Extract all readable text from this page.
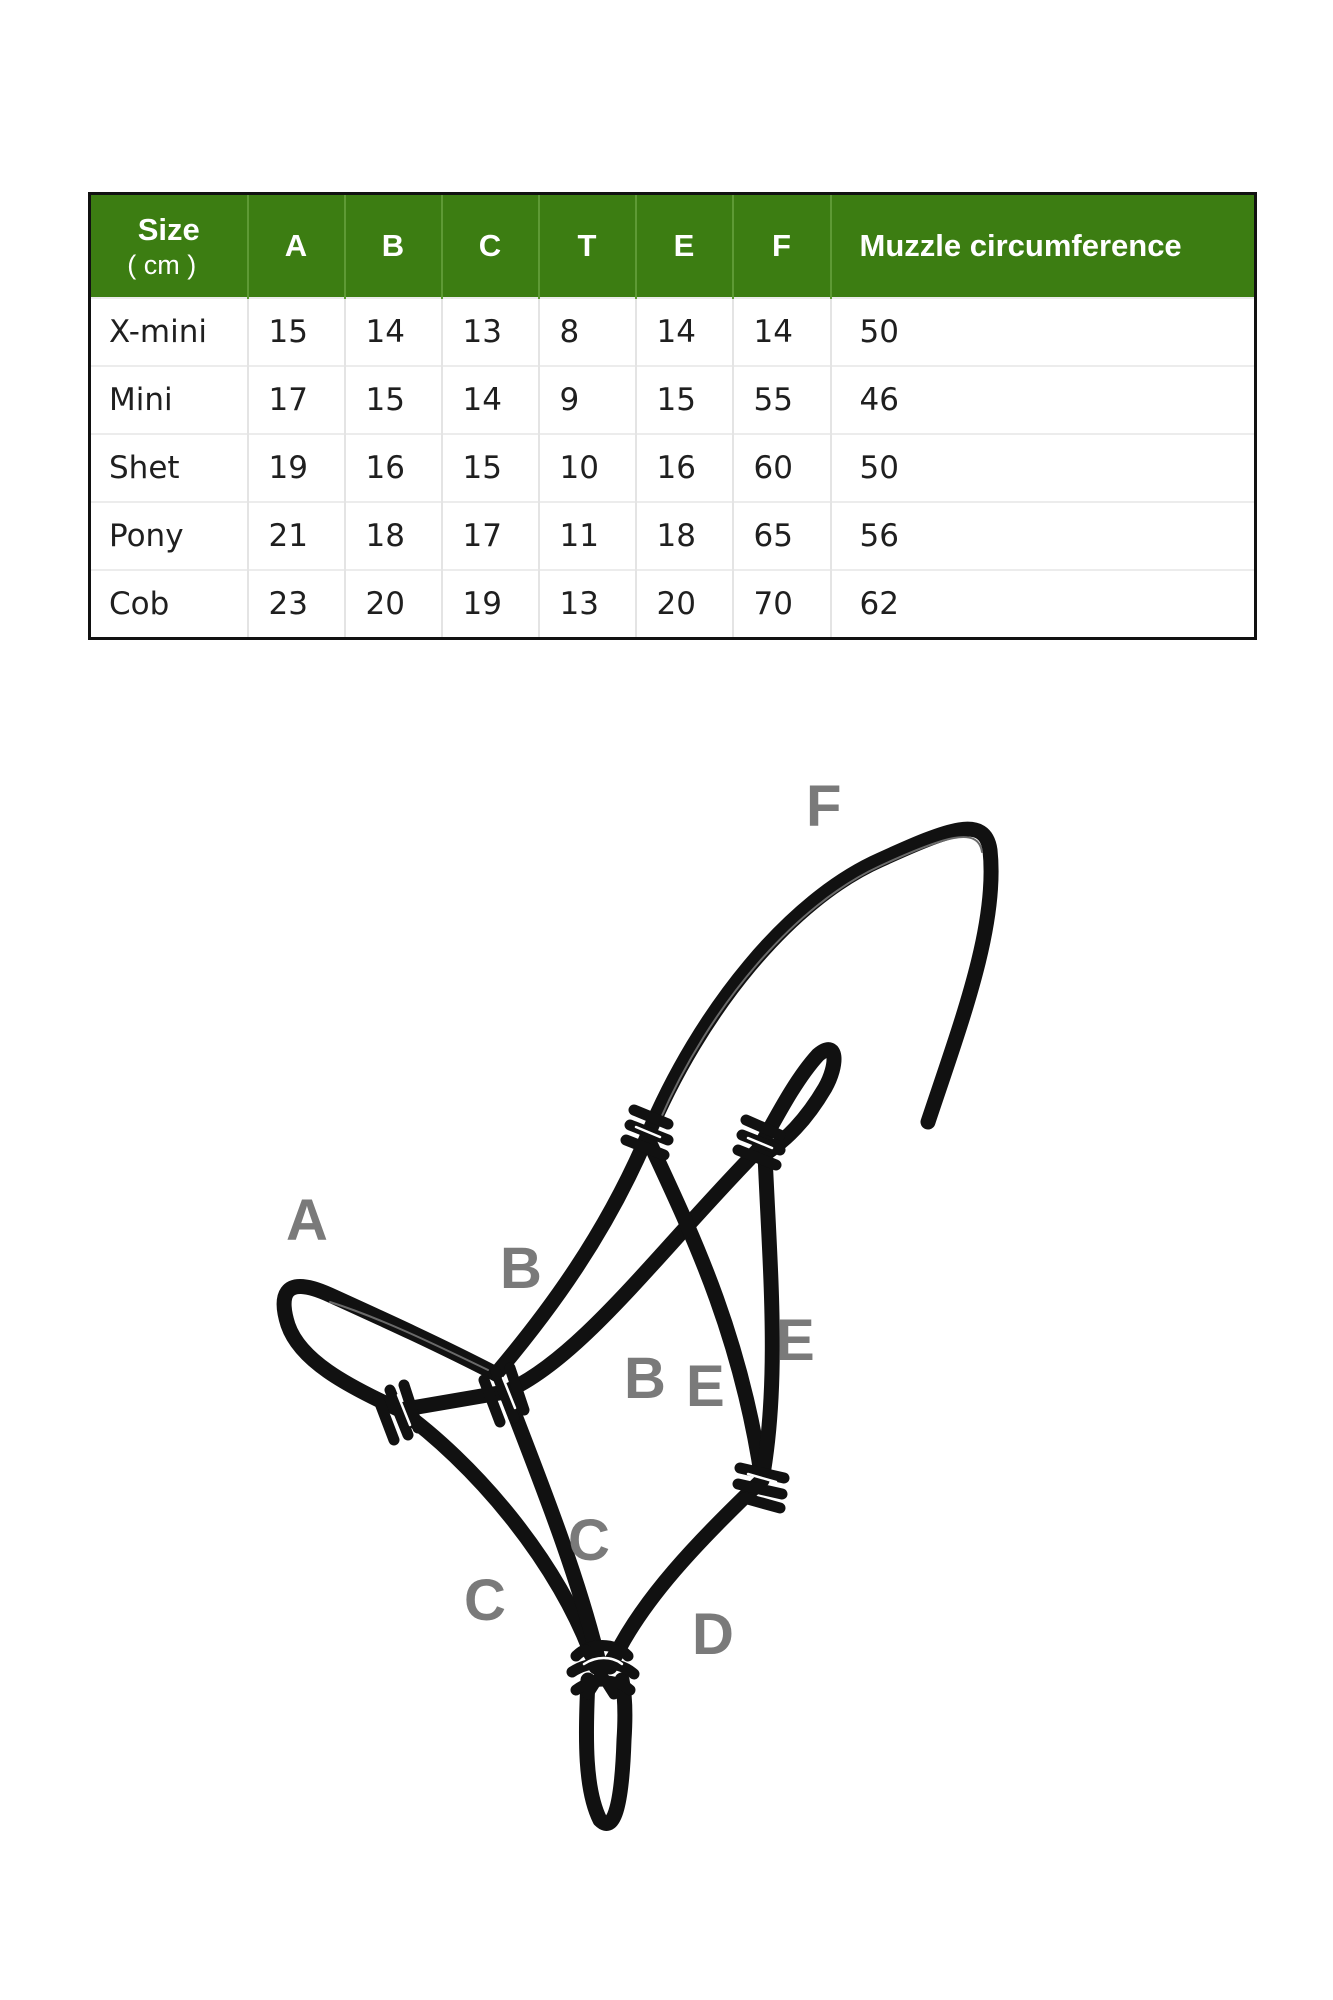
Size
( cm )	A	B	C	T	E	F	Muzzle circumference
X-mini	15	14	13	8	14	14	50
Mini	17	15	14	9	15	55	46
Shet	19	16	15	10	16	60	50
Pony	21	18	17	11	18	65	56
Cob	23	20	19	13	20	70	62
F
A
B
B E
E
C
C
D
